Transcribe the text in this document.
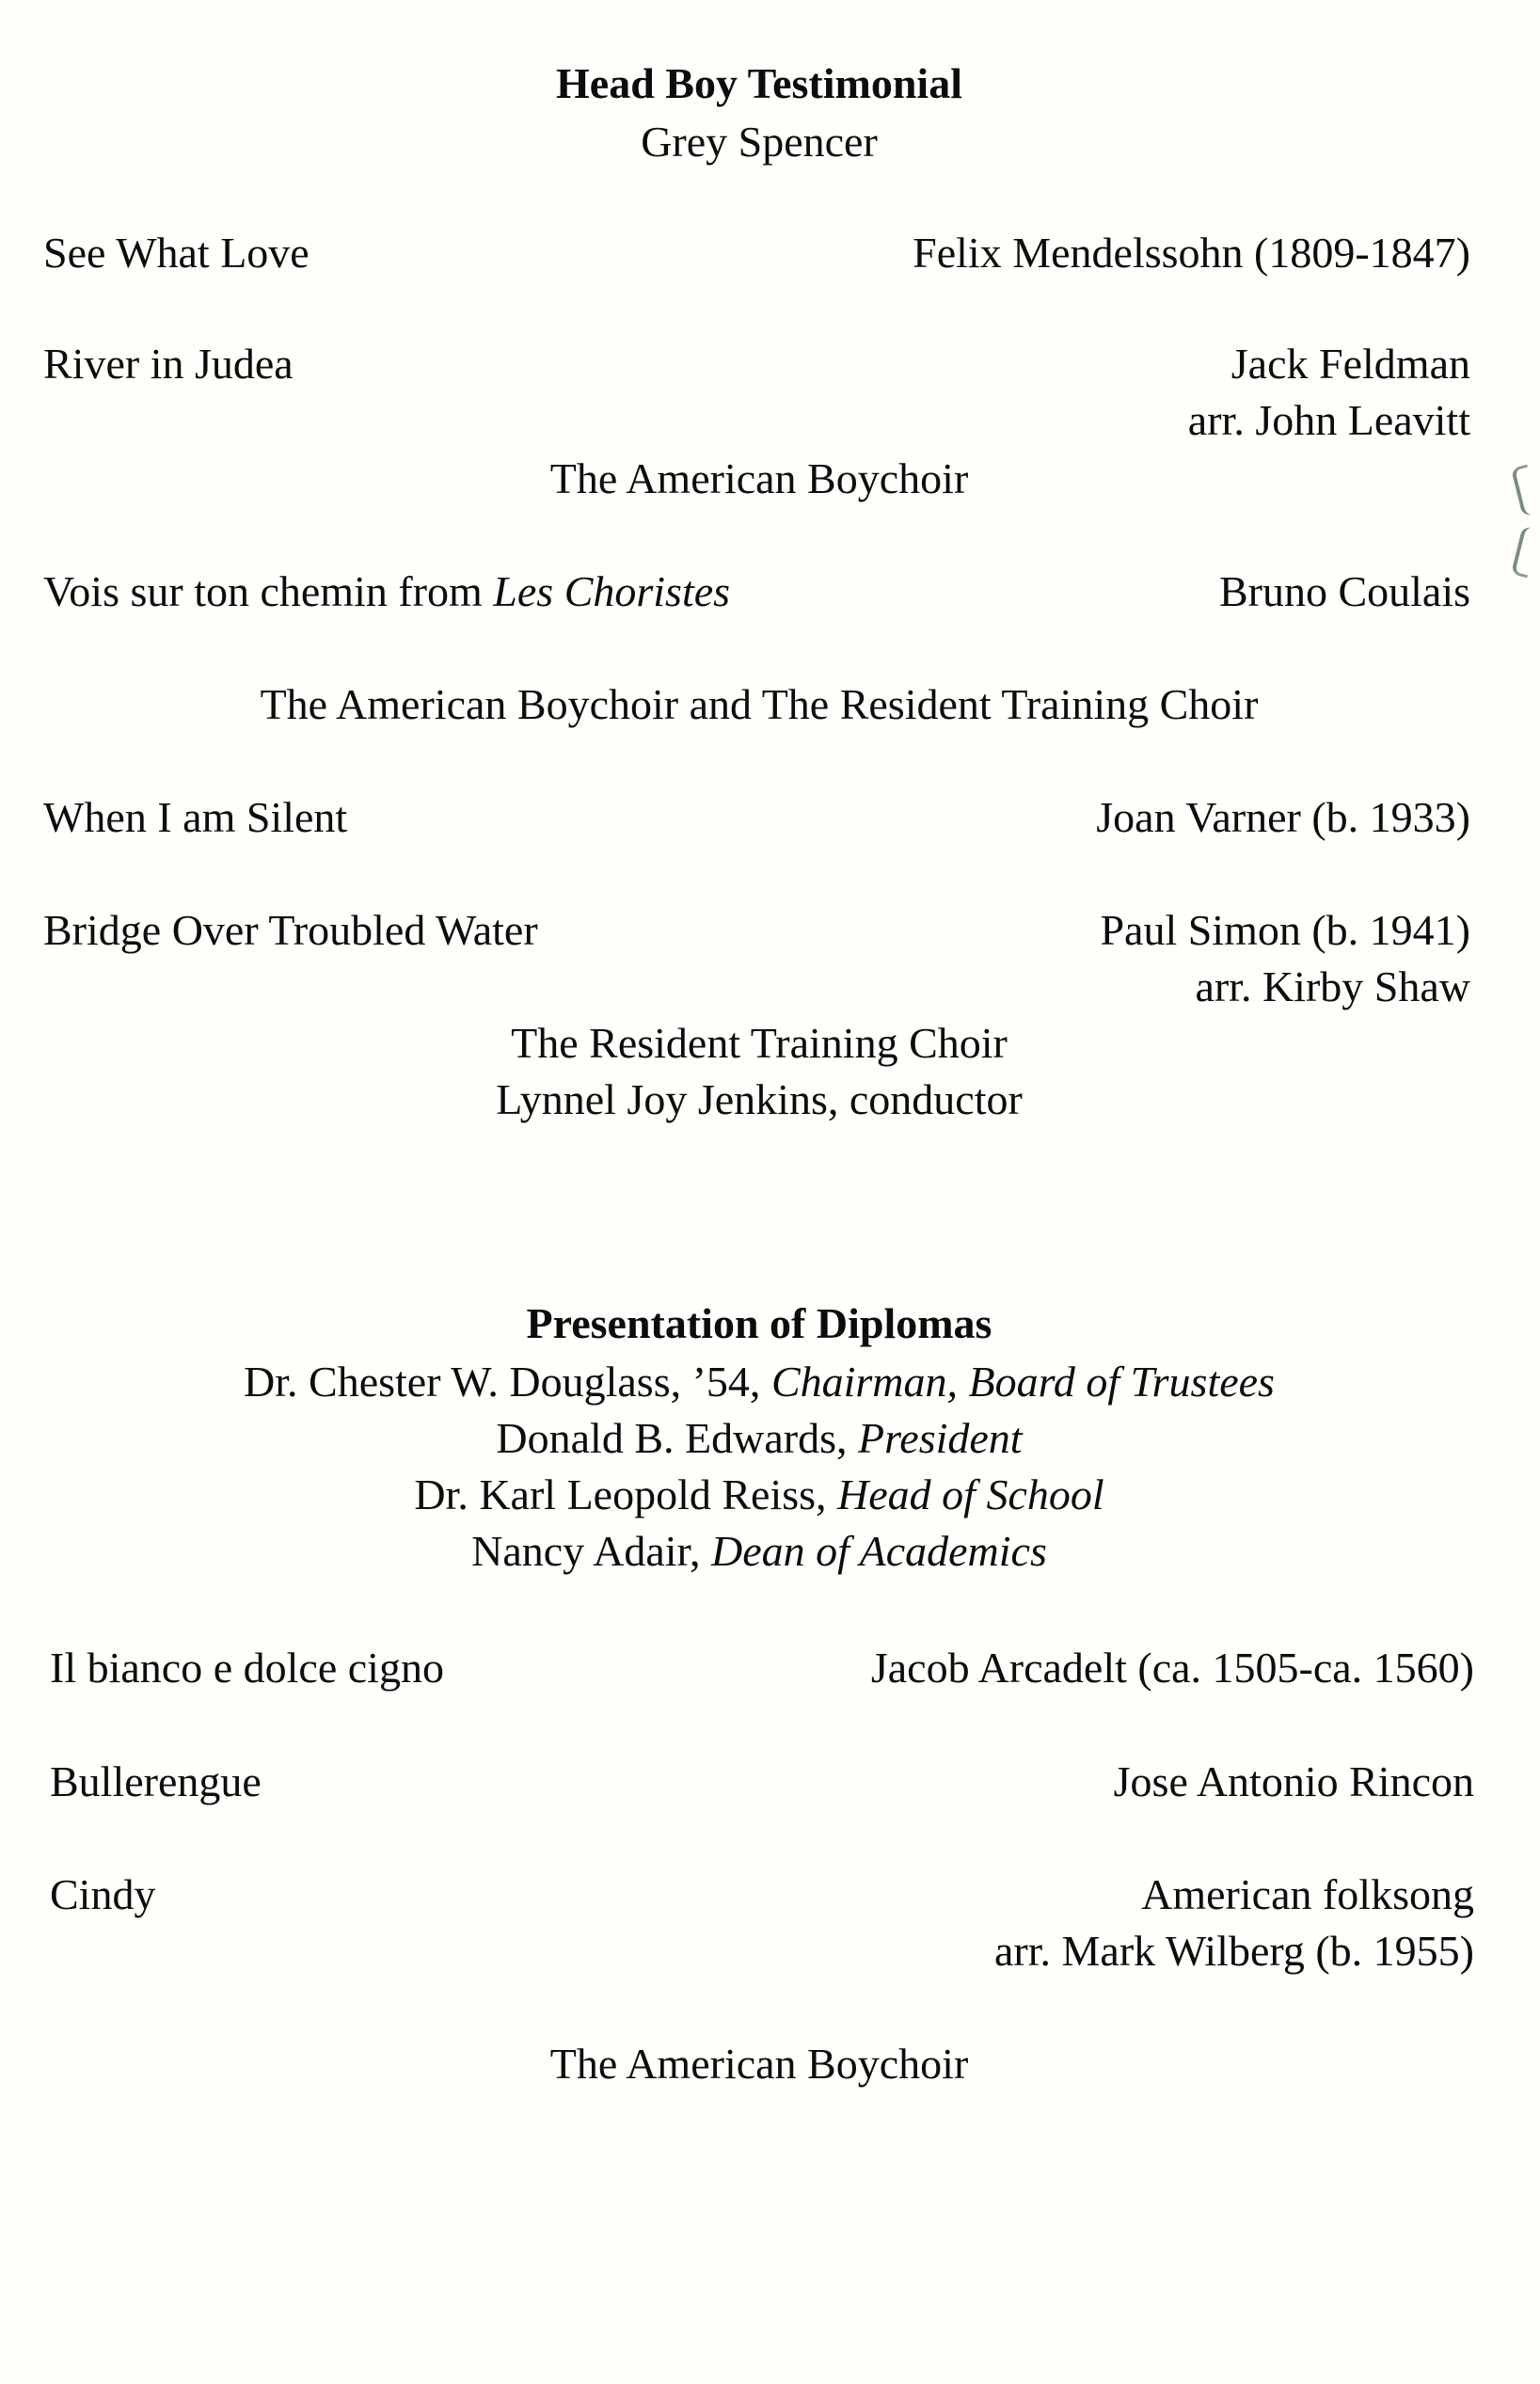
Head Boy Testimonial
Grey Spencer
See What Love	Felix Mendelssohn (1809-1847)
River in Judea	Jack Feldman
arr. John Leavitt
The American Boychoir
Vois sur ton chemin from Les Choristes	Bruno Coulais
The American Boychoir and The Resident Training Choir
When I am Silent	Joan Varner (b. 1933)
Bridge Over Troubled Water	Paul Simon (b. 1941)
arr. Kirby Shaw
The Resident Training Choir
Lynnel Joy Jenkins, conductor
Presentation of Diplomas
Dr. Chester W. Douglass, ’54, Chairman, Board of Trustees
Donald B. Edwards, President
Dr. Karl Leopold Reiss, Head of School
Nancy Adair, Dean of Academics
Il bianco e dolce cigno	Jacob Arcadelt (ca. 1505-ca. 1560)
Bullerengue	Jose Antonio Rincon
Cindy	American folksong
arr. Mark Wilberg (b. 1955)
The American Boychoir
